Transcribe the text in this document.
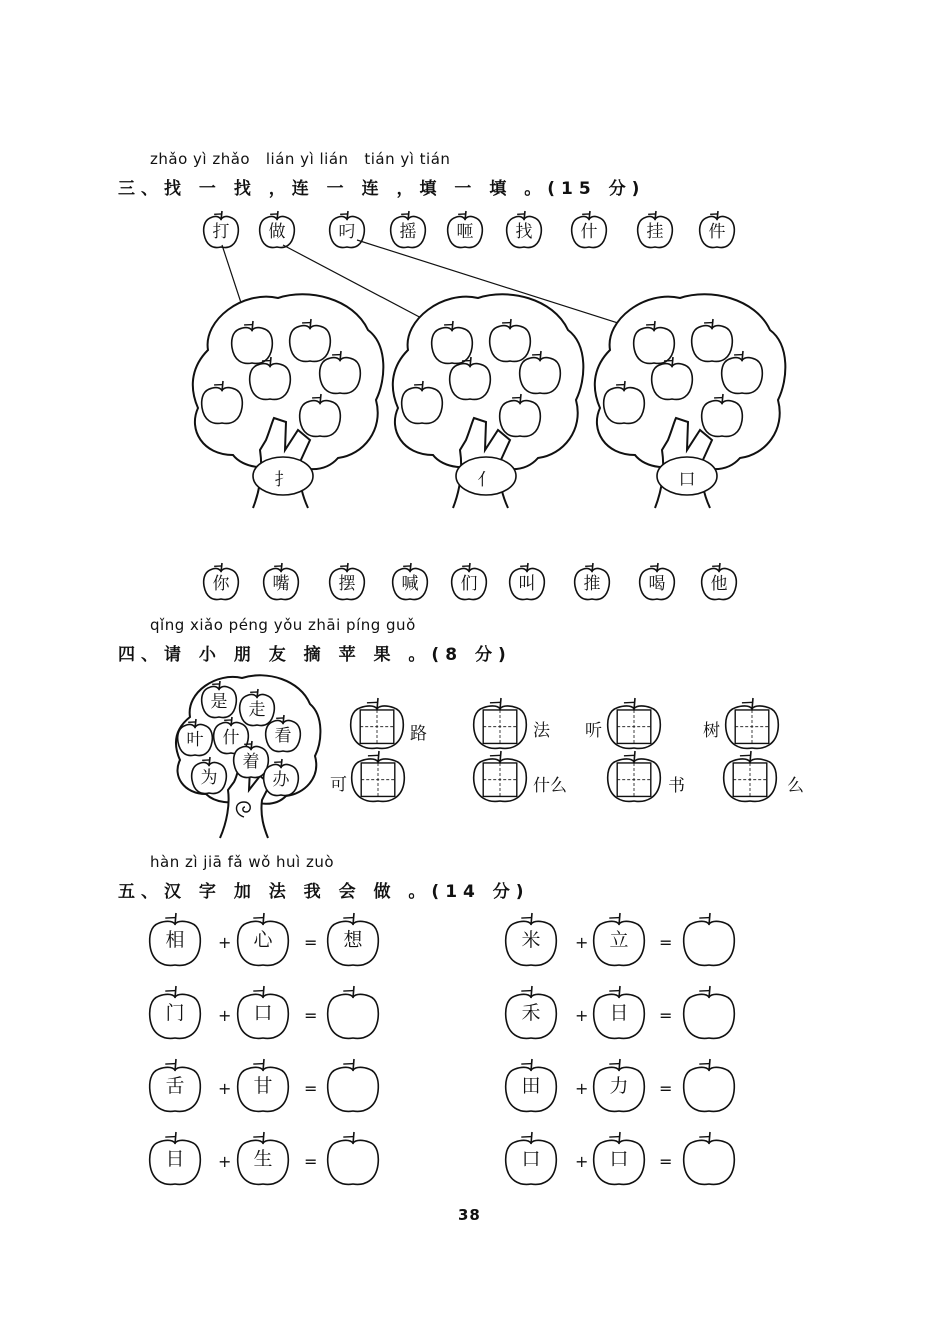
zhǎo yì zhǎo   lián yì lián   tián yì tián
三、找 一 找 ，连 一 连 ，填 一 填 。(15 分)
打	做	叼	摇	咂	找	什	挂	件
扌	亻	口
你	嘴	摆	喊	们	叫	推	喝	他
qǐng xiǎo péng yǒu zhāi píng guǒ
四、请 小 朋 友 摘 苹 果 。(8 分)
是	走
叶	什	看
着
为	办
路
可
法 听
什么	书
树
么
hàn zì jiā fǎ wǒ huì zuò
五、汉 字 加 法 我 会 做 。(14 分)
相	+	心	=	想
门	+	口	=
舌	+	甘	=
日	+	生	=
米	+	立	=
禾	+	日	=
田	+	力	=
口	+	口	=
38
